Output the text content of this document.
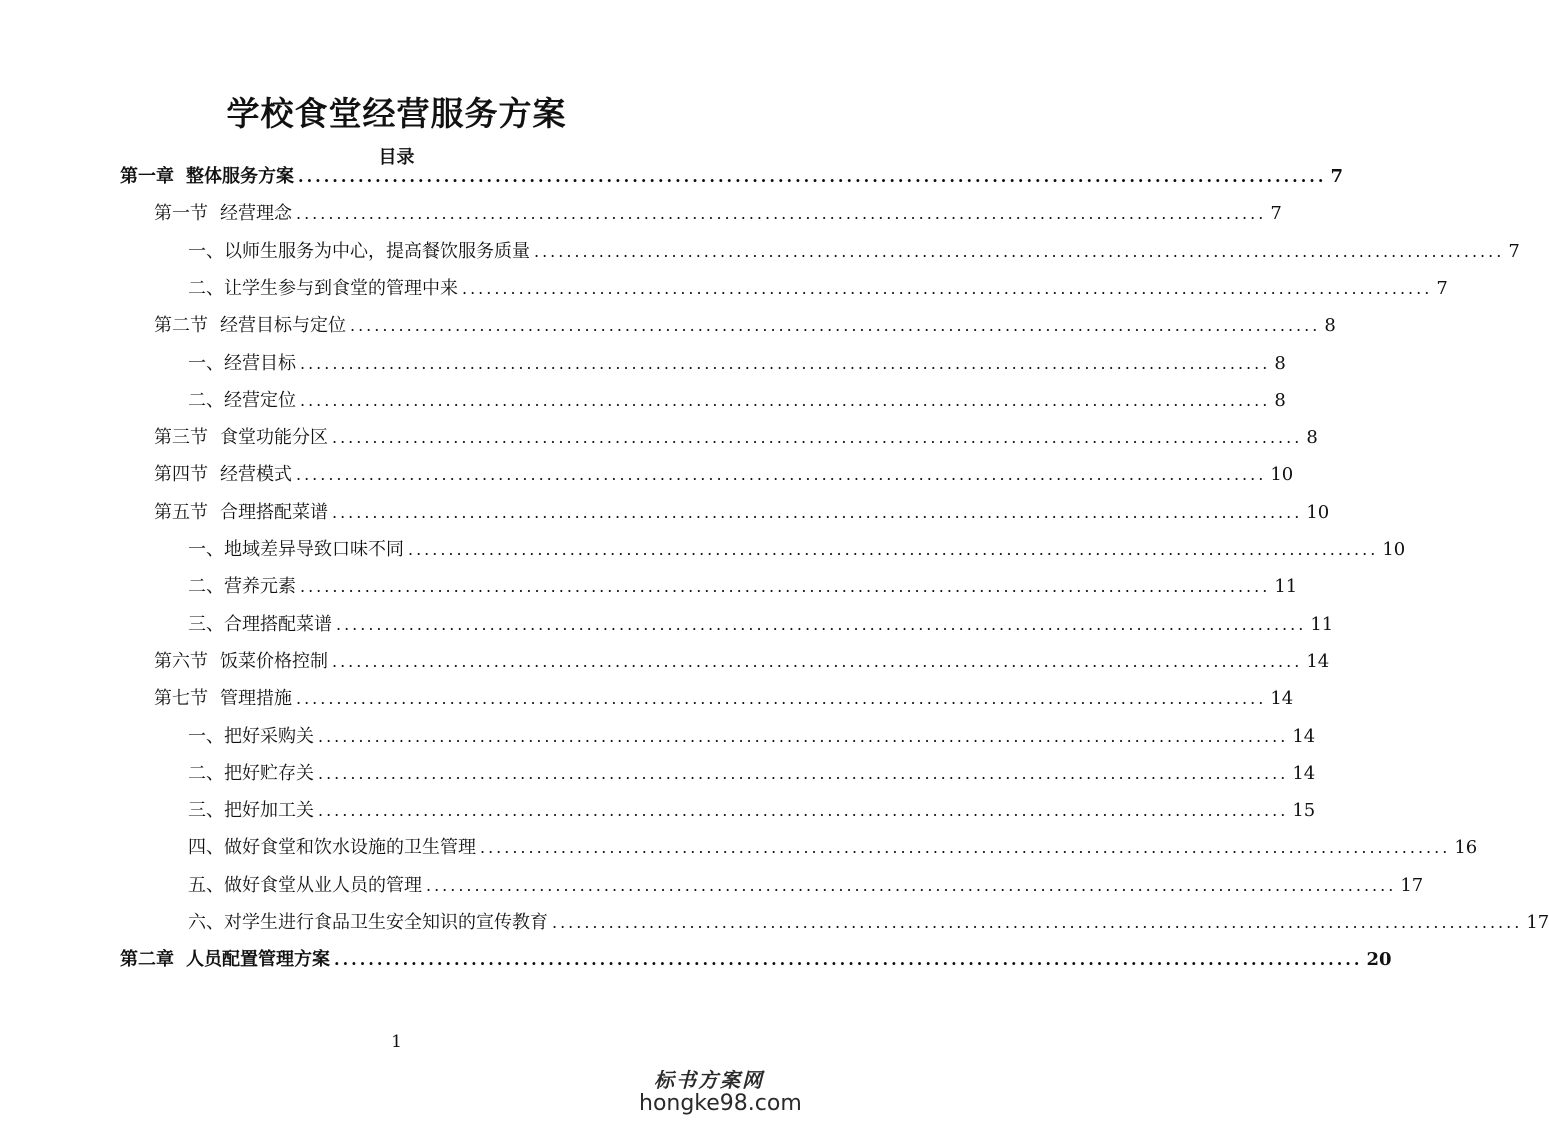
学校食堂经营服务方案
目录
第一章 整体服务方案 ........................................................................................................................ 7
第一节 经营理念 ........................................................................................................................ 7
一、以师生服务为中心，提高餐饮服务质量 ........................................................................................................................ 7
二、让学生参与到食堂的管理中来 ........................................................................................................................ 7
第二节 经营目标与定位 ........................................................................................................................ 8
一、经营目标 ........................................................................................................................ 8
二、经营定位 ........................................................................................................................ 8
第三节 食堂功能分区 ........................................................................................................................ 8
第四节 经营模式 ........................................................................................................................ 10
第五节 合理搭配菜谱 ........................................................................................................................ 10
一、地域差异导致口味不同 ........................................................................................................................ 10
二、营养元素 ........................................................................................................................ 11
三、合理搭配菜谱 ........................................................................................................................ 11
第六节 饭菜价格控制 ........................................................................................................................ 14
第七节 管理措施 ........................................................................................................................ 14
一、把好采购关 ........................................................................................................................ 14
二、把好贮存关 ........................................................................................................................ 14
三、把好加工关 ........................................................................................................................ 15
四、做好食堂和饮水设施的卫生管理 ........................................................................................................................ 16
五、做好食堂从业人员的管理 ........................................................................................................................ 17
六、对学生进行食品卫生安全知识的宣传教育 ........................................................................................................................ 17
第二章 人员配置管理方案 ........................................................................................................................ 20
1
标书方案网
hongke98.com
